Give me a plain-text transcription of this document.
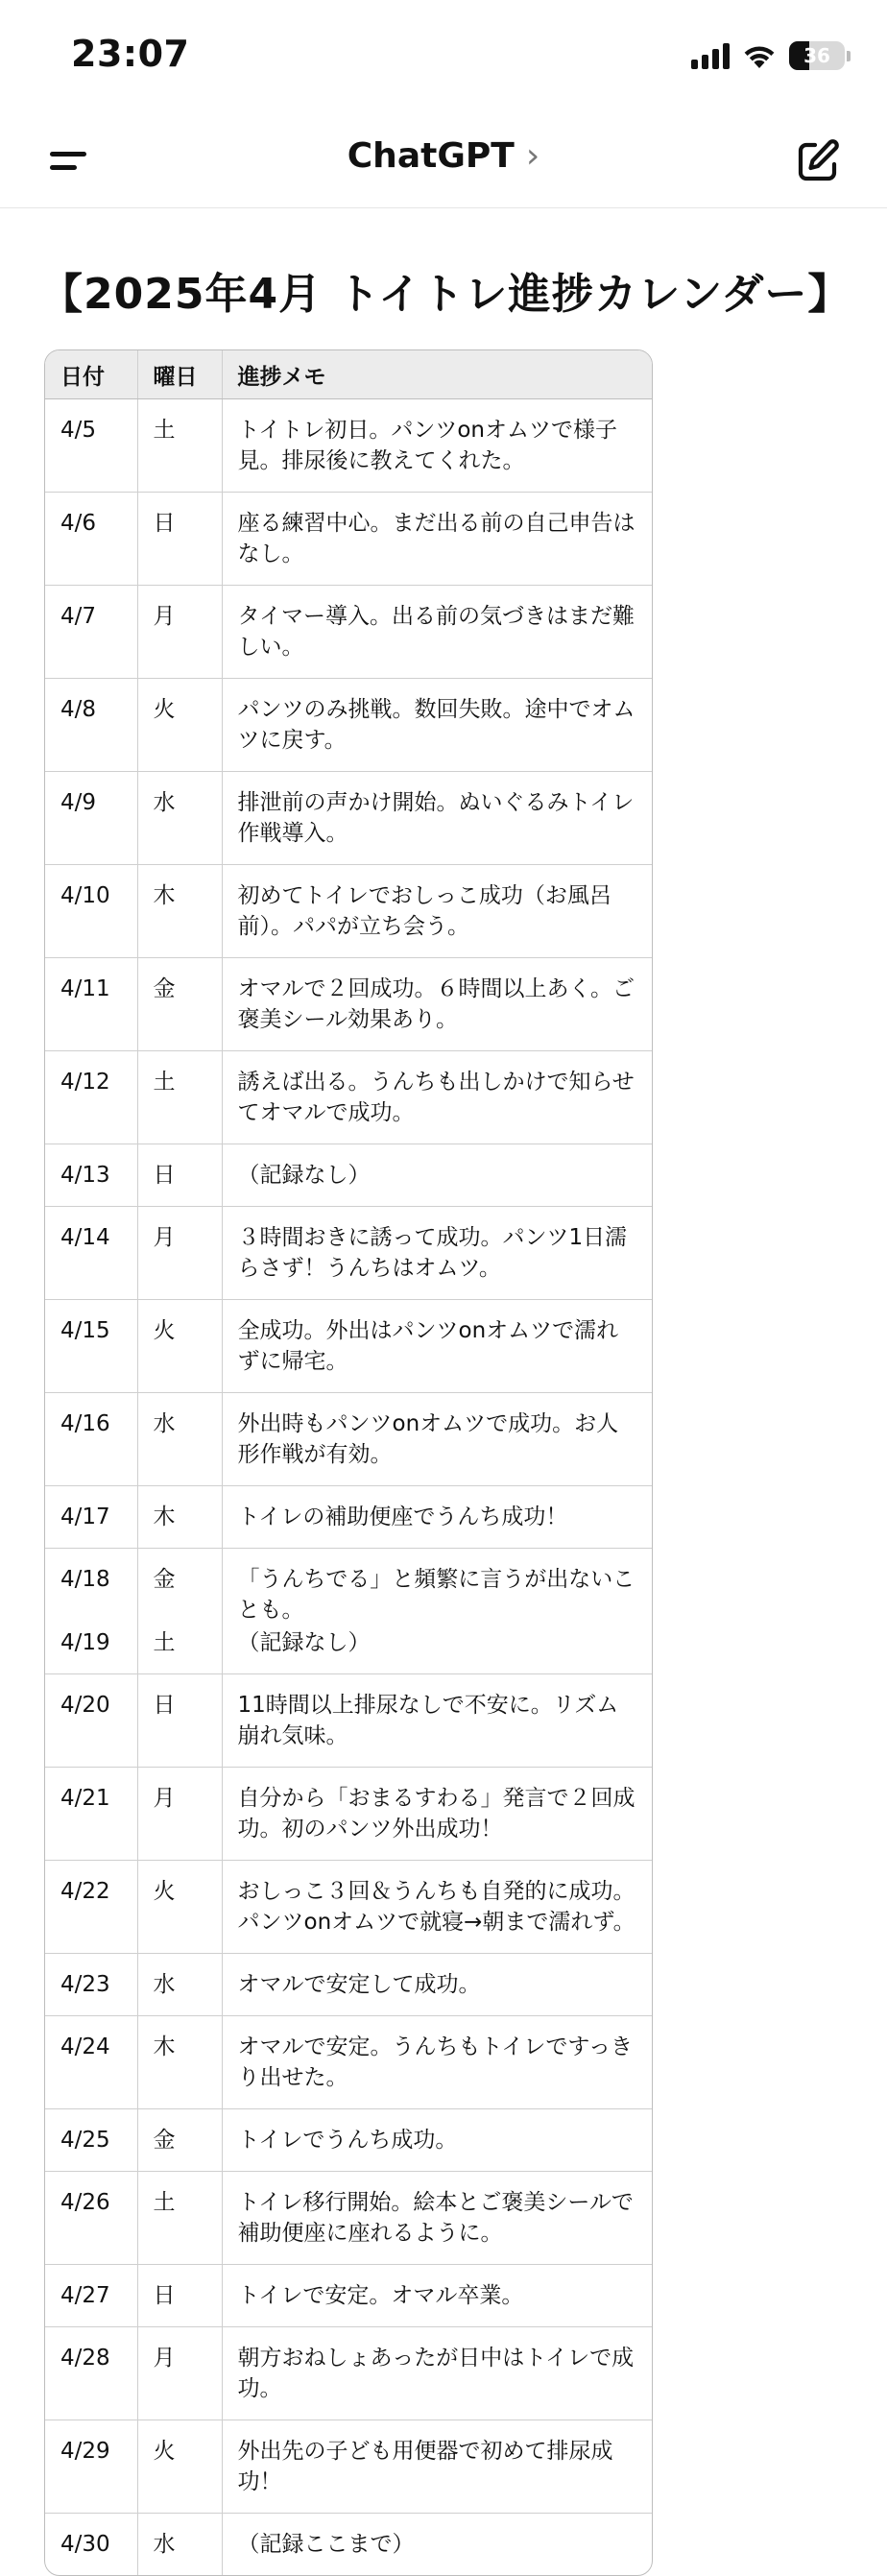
23:07	36
ChatGPT ›
【2025年4月 トイトレ進捗カレンダー】
日付	曜日	進捗メモ
4/5	土	トイトレ初日。パンツonオムツで様子見。排尿後に教えてくれた。
4/6	日	座る練習中心。まだ出る前の自己申告はなし。
4/7	月	タイマー導入。出る前の気づきはまだ難しい。
4/8	火	パンツのみ挑戦。数回失敗。途中でオムツに戻す。
4/9	水	排泄前の声かけ開始。ぬいぐるみトイレ作戦導入。
4/10	木	初めてトイレでおしっこ成功（お風呂前）。パパが立ち会う。
4/11	金	オマルで２回成功。６時間以上あく。ご褒美シール効果あり。
4/12	土	誘えば出る。うんちも出しかけで知らせてオマルで成功。
4/13	日	（記録なし）
4/14	月	３時間おきに誘って成功。パンツ1日濡らさず！うんちはオムツ。
4/15	火	全成功。外出はパンツonオムツで濡れずに帰宅。
4/16	水	外出時もパンツonオムツで成功。お人形作戦が有効。
4/17	木	トイレの補助便座でうんち成功！
4/18	金	「うんちでる」と頻繁に言うが出ないことも。
4/19	土	（記録なし）
4/20	日	11時間以上排尿なしで不安に。リズム崩れ気味。
4/21	月	自分から「おまるすわる」発言で２回成功。初のパンツ外出成功！
4/22	火	おしっこ３回＆うんちも自発的に成功。パンツonオムツで就寝→朝まで濡れず。
4/23	水	オマルで安定して成功。
4/24	木	オマルで安定。うんちもトイレですっきり出せた。
4/25	金	トイレでうんち成功。
4/26	土	トイレ移行開始。絵本とご褒美シールで補助便座に座れるように。
4/27	日	トイレで安定。オマル卒業。
4/28	月	朝方おねしょあったが日中はトイレで成功。
4/29	火	外出先の子ども用便器で初めて排尿成功！
4/30	水	（記録ここまで）
